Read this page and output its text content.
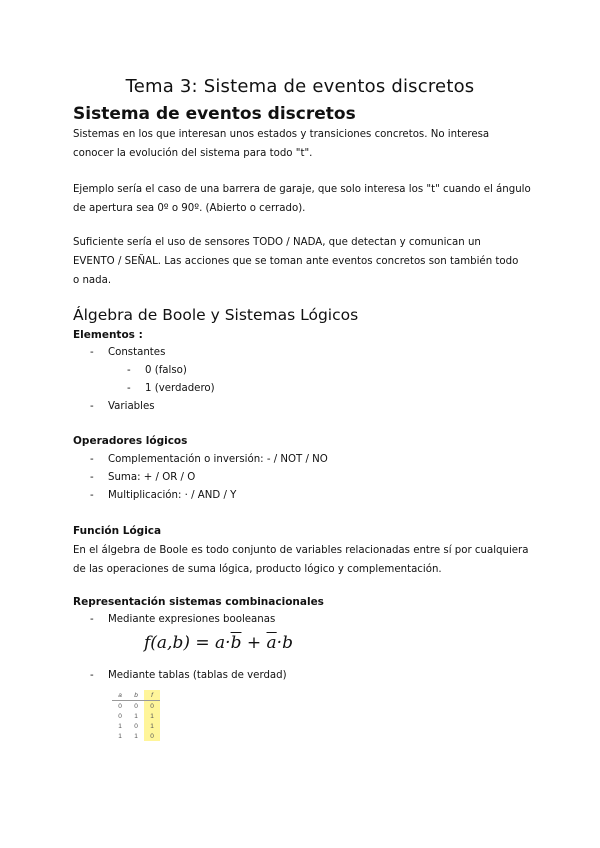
Tema 3: Sistema de eventos discretos
Sistema de eventos discretos
Sistemas en los que interesan unos estados y transiciones concretos. No interesa
conocer la evolución del sistema para todo "t".
Ejemplo sería el caso de una barrera de garaje, que solo interesa los "t" cuando el ángulo
de apertura sea 0º o 90º. (Abierto o cerrado).
Suficiente sería el uso de sensores TODO / NADA, que detectan y comunican un
EVENTO / SEÑAL. Las acciones que se toman ante eventos concretos son también todo
o nada.
Álgebra de Boole y Sistemas Lógicos
Elementos :
- Constantes
- 0 (falso)
- 1 (verdadero)
- Variables
Operadores lógicos
- Complementación o inversión: - / NOT / NO
- Suma: + / OR / O
- Multiplicación: · / AND / Y
Función Lógica
En el álgebra de Boole es todo conjunto de variables relacionadas entre sí por cualquiera
de las operaciones de suma lógica, producto lógico y complementación.
Representación sistemas combinacionales
- Mediante expresiones booleanas
$f(a,b) = a\cdot\overline{b} + \overline{a}\cdot b$
- Mediante tablas (tablas de verdad)
a	b	f
0	0	0
0	1	1
1	0	1
1	1	0
